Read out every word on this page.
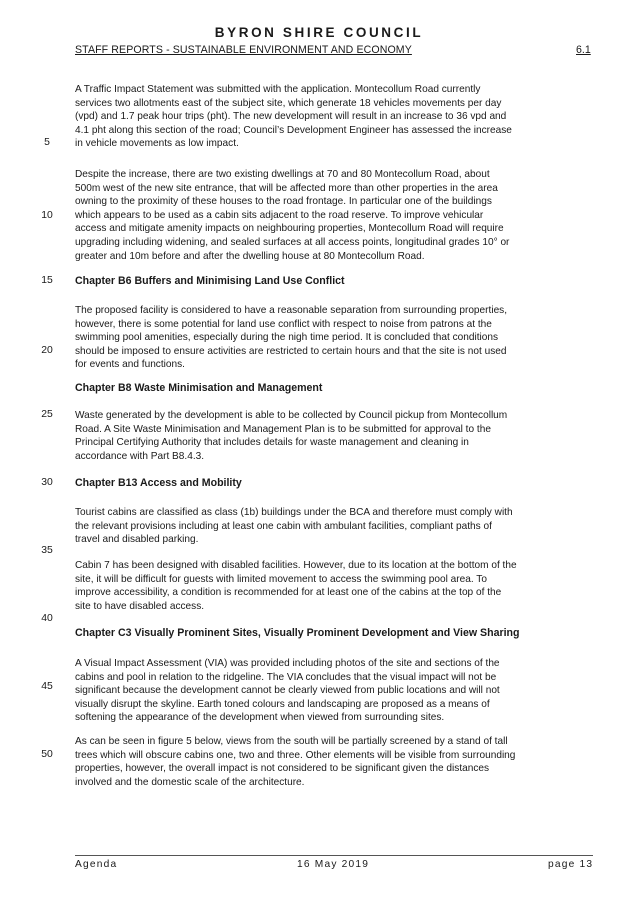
BYRON SHIRE COUNCIL
STAFF REPORTS - SUSTAINABLE ENVIRONMENT AND ECONOMY	6.1
A Traffic Impact Statement was submitted with the application. Montecollum Road currently
services two allotments east of the subject site, which generate 18 vehicles movements per day
(vpd) and 1.7 peak hour trips (pht). The new development will result in an increase to 36 vpd and
4.1 pht along this section of the road; Council’s Development Engineer has assessed the increase
in vehicle movements as low impact.
Despite the increase, there are two existing dwellings at 70 and 80 Montecollum Road, about
500m west of the new site entrance, that will be affected more than other properties in the area
owning to the proximity of these houses to the road frontage. In particular one of the buildings
which appears to be used as a cabin sits adjacent to the road reserve. To improve vehicular
access and mitigate amenity impacts on neighbouring properties, Montecollum Road will require
upgrading including widening, and sealed surfaces at all access points, longitudinal grades 10° or
greater and 10m before and after the dwelling house at 80 Montecollum Road.
The proposed facility is considered to have a reasonable separation from surrounding properties,
however, there is some potential for land use conflict with respect to noise from patrons at the
swimming pool amenities, especially during the nigh time period. It is concluded that conditions
should be imposed to ensure activities are restricted to certain hours and that the site is not used
for events and functions.
Waste generated by the development is able to be collected by Council pickup from Montecollum
Road. A Site Waste Minimisation and Management Plan is to be submitted for approval to the
Principal Certifying Authority that includes details for waste management and cleaning in
accordance with Part B8.4.3.
Tourist cabins are classified as class (1b) buildings under the BCA and therefore must comply with
the relevant provisions including at least one cabin with ambulant facilities, compliant paths of
travel and disabled parking.
Cabin 7 has been designed with disabled facilities. However, due to its location at the bottom of the
site, it will be difficult for guests with limited movement to access the swimming pool area. To
improve accessibility, a condition is recommended for at least one of the cabins at the top of the
site to have disabled access.
A Visual Impact Assessment (VIA) was provided including photos of the site and sections of the
cabins and pool in relation to the ridgeline. The VIA concludes that the visual impact will not be
significant because the development cannot be clearly viewed from public locations and will not
visually disrupt the skyline. Earth toned colours and landscaping are proposed as a means of
softening the appearance of the development when viewed from surrounding sites.
As can be seen in figure 5 below, views from the south will be partially screened by a stand of tall
trees which will obscure cabins one, two and three. Other elements will be visible from surrounding
properties, however, the overall impact is not considered to be significant given the distances
involved and the domestic scale of the architecture.
Chapter B6 Buffers and Minimising Land Use Conflict
Chapter B8 Waste Minimisation and Management
Chapter B13 Access and Mobility
Chapter C3 Visually Prominent Sites, Visually Prominent Development and View Sharing
5
10
15
20
25
30
35
40
45
50
Agenda	16 May 2019	page 13
